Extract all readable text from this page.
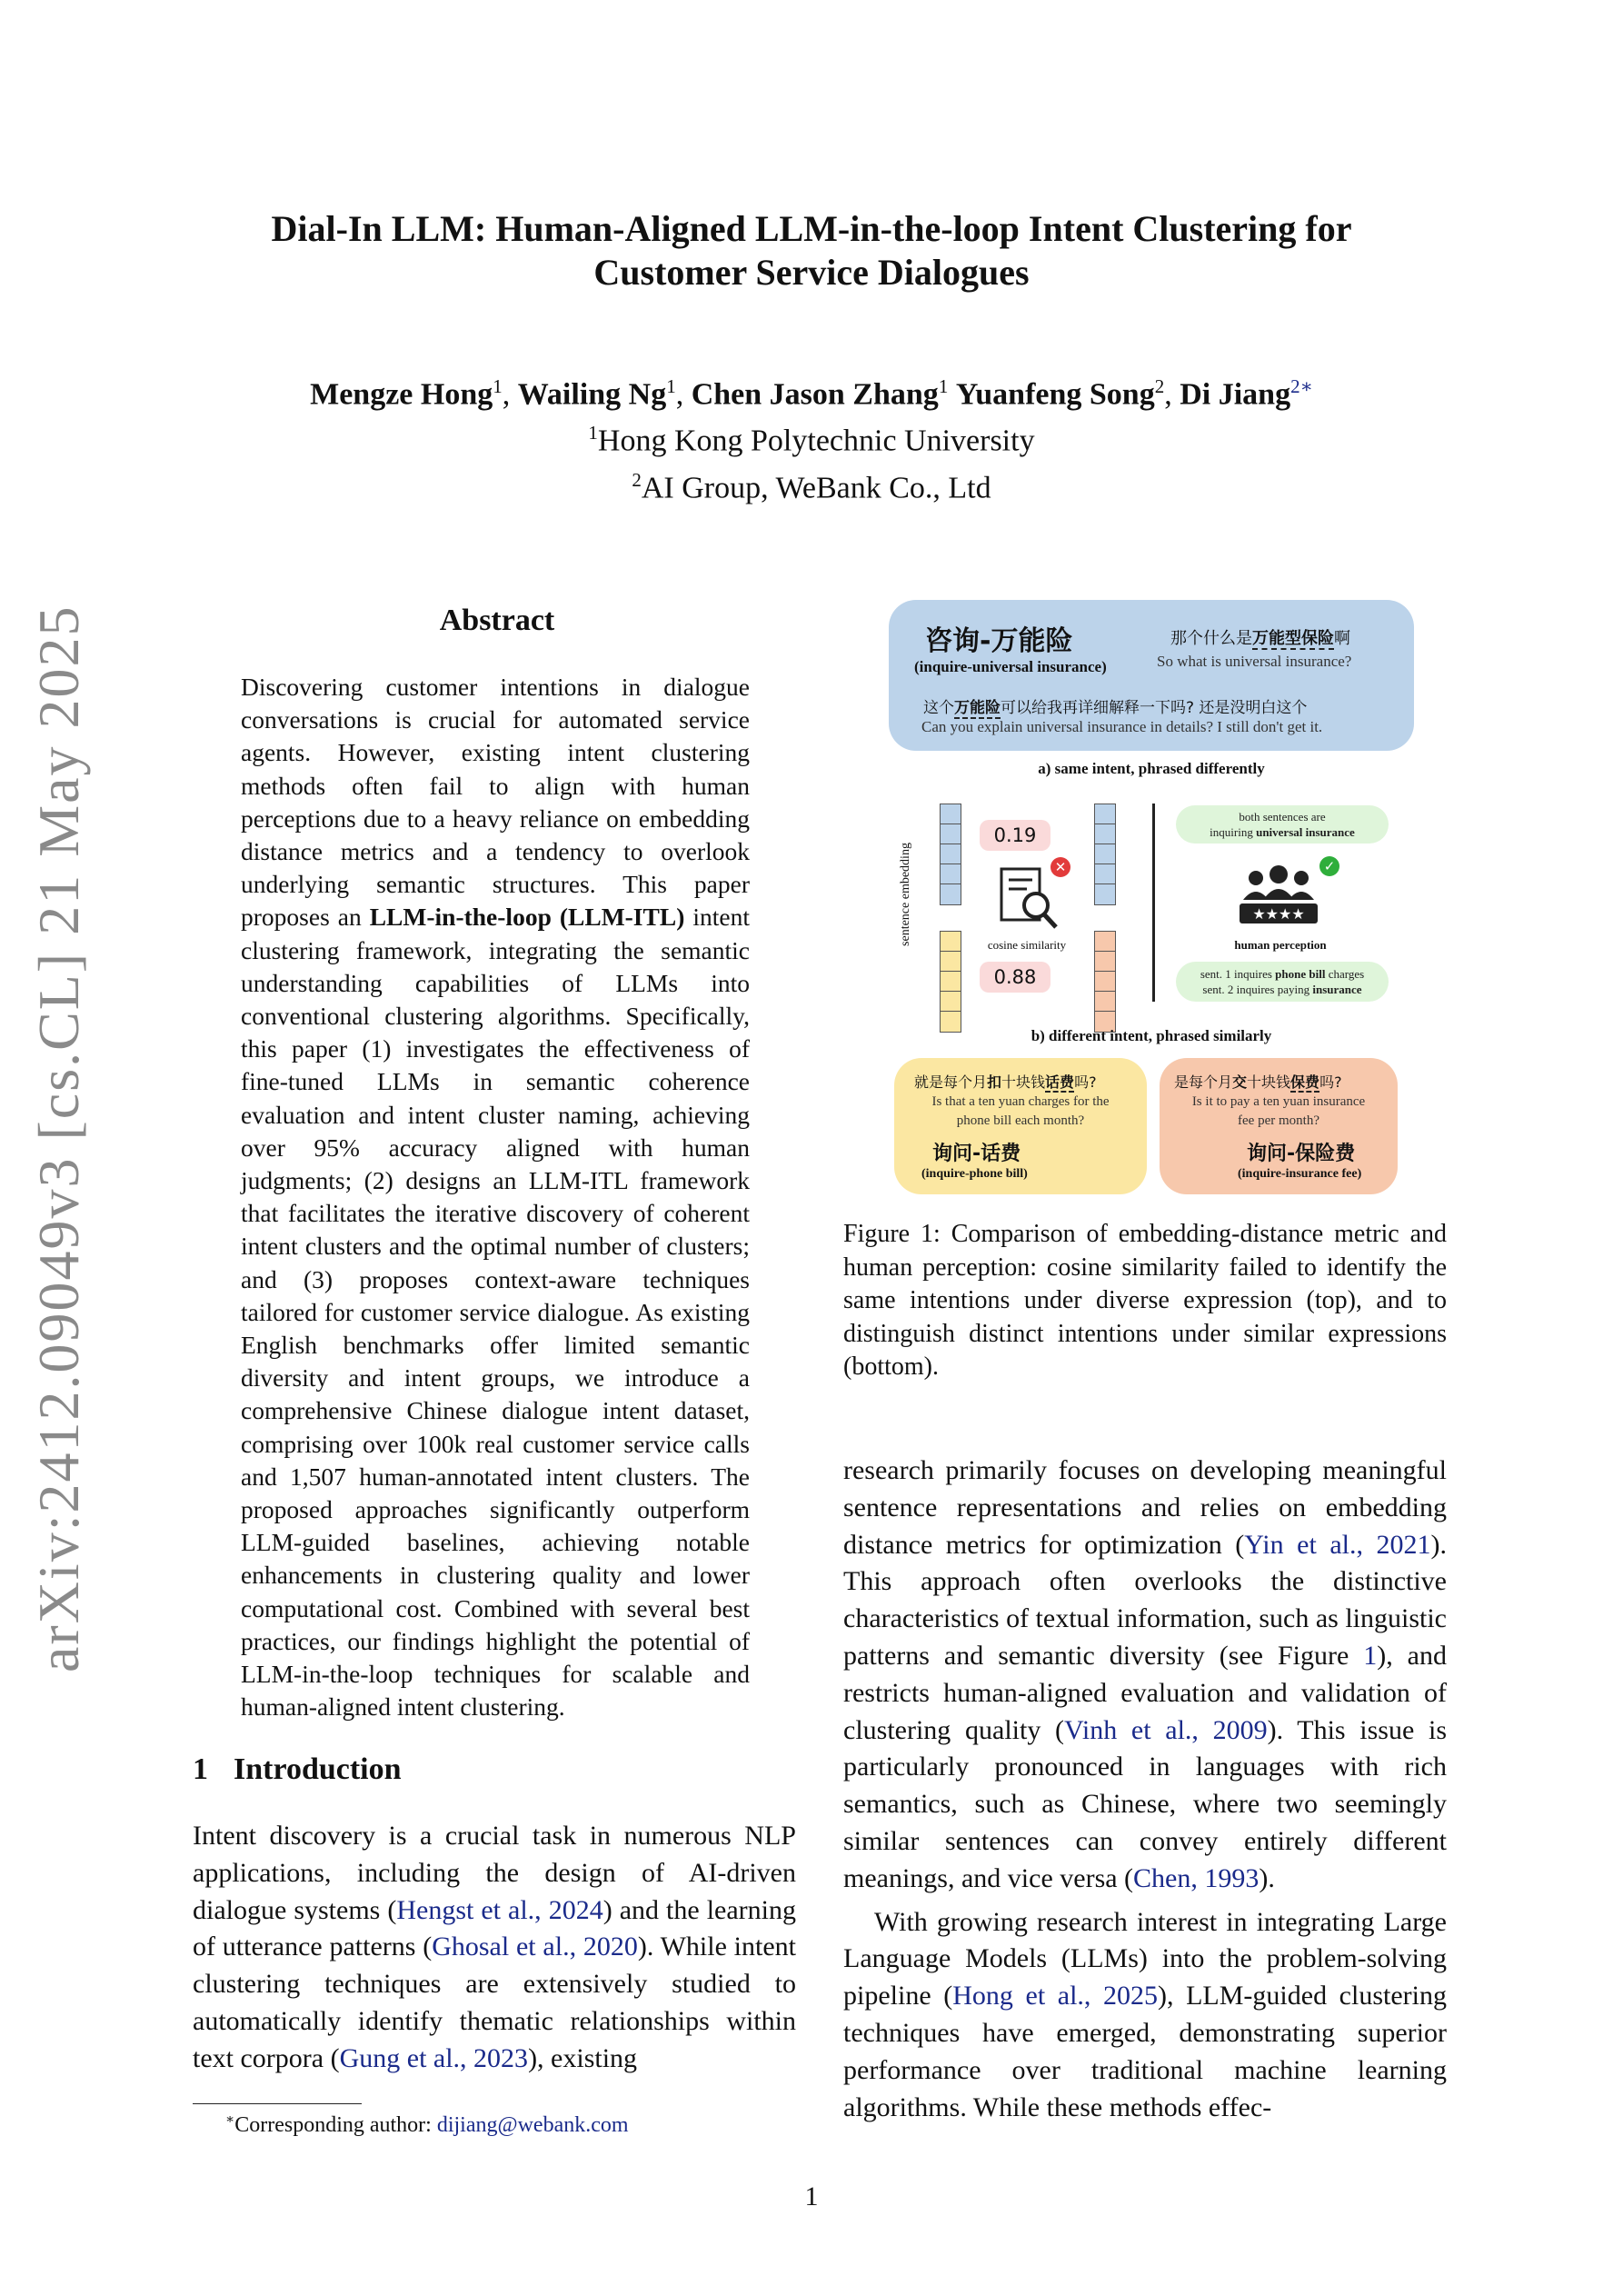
arXiv:2412.09049v3 [cs.CL] 21 May 2025
Dial-In LLM: Human-Aligned LLM-in-the-loop Intent Clustering for
Customer Service Dialogues
Mengze Hong$^1$, Wailing Ng$^1$, Chen Jason Zhang$^1$ Yuanfeng Song$^2$, Di Jiang$^{2∗}$
$^1$Hong Kong Polytechnic University
$^2$AI Group, WeBank Co., Ltd
Abstract
Discovering customer intentions in dialogue conversations is crucial for automated service agents. However, existing intent clustering methods often fail to align with human perceptions due to a heavy reliance on embedding distance metrics and a tendency to overlook underlying semantic structures. This paper proposes an LLM-in-the-loop (LLM-ITL) intent clustering framework, integrating the semantic understanding capabilities of LLMs into conventional clustering algorithms. Specifically, this paper (1) investigates the effectiveness of fine-tuned LLMs in semantic coherence evaluation and intent cluster naming, achieving over 95% accuracy aligned with human judgments; (2) designs an LLM-ITL framework that facilitates the iterative discovery of coherent intent clusters and the optimal number of clusters; and (3) proposes context-aware techniques tailored for customer service dialogue. As existing English benchmarks offer limited semantic diversity and intent groups, we introduce a comprehensive Chinese dialogue intent dataset, comprising over 100k real customer service calls and 1,507 human-annotated intent clusters. The proposed approaches significantly outperform LLM-guided baselines, achieving notable enhancements in clustering quality and lower computational cost. Combined with several best practices, our findings highlight the potential of LLM-in-the-loop techniques for scalable and human-aligned intent clustering.
1 Introduction
Intent discovery is a crucial task in numerous NLP applications, including the design of AI-driven dialogue systems (Hengst et al., 2024) and the learning of utterance patterns (Ghosal et al., 2020). While intent clustering techniques are extensively studied to automatically identify thematic relationships within text corpora (Gung et al., 2023), existing
∗Corresponding author: dijiang@webank.com
咨询-万能险
(inquire-universal insurance)
那个什么是万能型保险啊
So what is universal insurance?
这个万能险可以给我再详细解释一下吗? 还是没明白这个
Can you explain universal insurance in details? I still don't get it.
a) same intent, phrased differently
sentence embedding
0.19
✕
cosine similarity
0.88
both sentences are
inquiring universal insurance
✓
★★★★
human perception
sent. 1 inquires phone bill charges
sent. 2 inquires paying insurance
b) different intent, phrased similarly
就是每个月扣十块钱话费吗?
Is that a ten yuan charges for the
phone bill each month?
询问-话费
(inquire-phone bill)
是每个月交十块钱保费吗?
Is it to pay a ten yuan insurance
fee per month?
询问-保险费
(inquire-insurance fee)
Figure 1: Comparison of embedding-distance metric and human perception: cosine similarity failed to identify the same intentions under diverse expression (top), and to distinguish distinct intentions under similar expressions (bottom).

research primarily focuses on developing meaningful sentence representations and relies on embedding distance metrics for optimization (Yin et al., 2021). This approach often overlooks the distinctive characteristics of textual information, such as linguistic patterns and semantic diversity (see Figure 1), and restricts human-aligned evaluation and validation of clustering quality (Vinh et al., 2009). This issue is particularly pronounced in languages with rich semantics, such as Chinese, where two seemingly similar sentences can convey entirely different meanings, and vice versa (Chen, 1993).

With growing research interest in integrating Large Language Models (LLMs) into the problem-solving pipeline (Hong et al., 2025), LLM-guided clustering techniques have emerged, demonstrating superior performance over traditional machine learning algorithms. While these methods effec-

1
